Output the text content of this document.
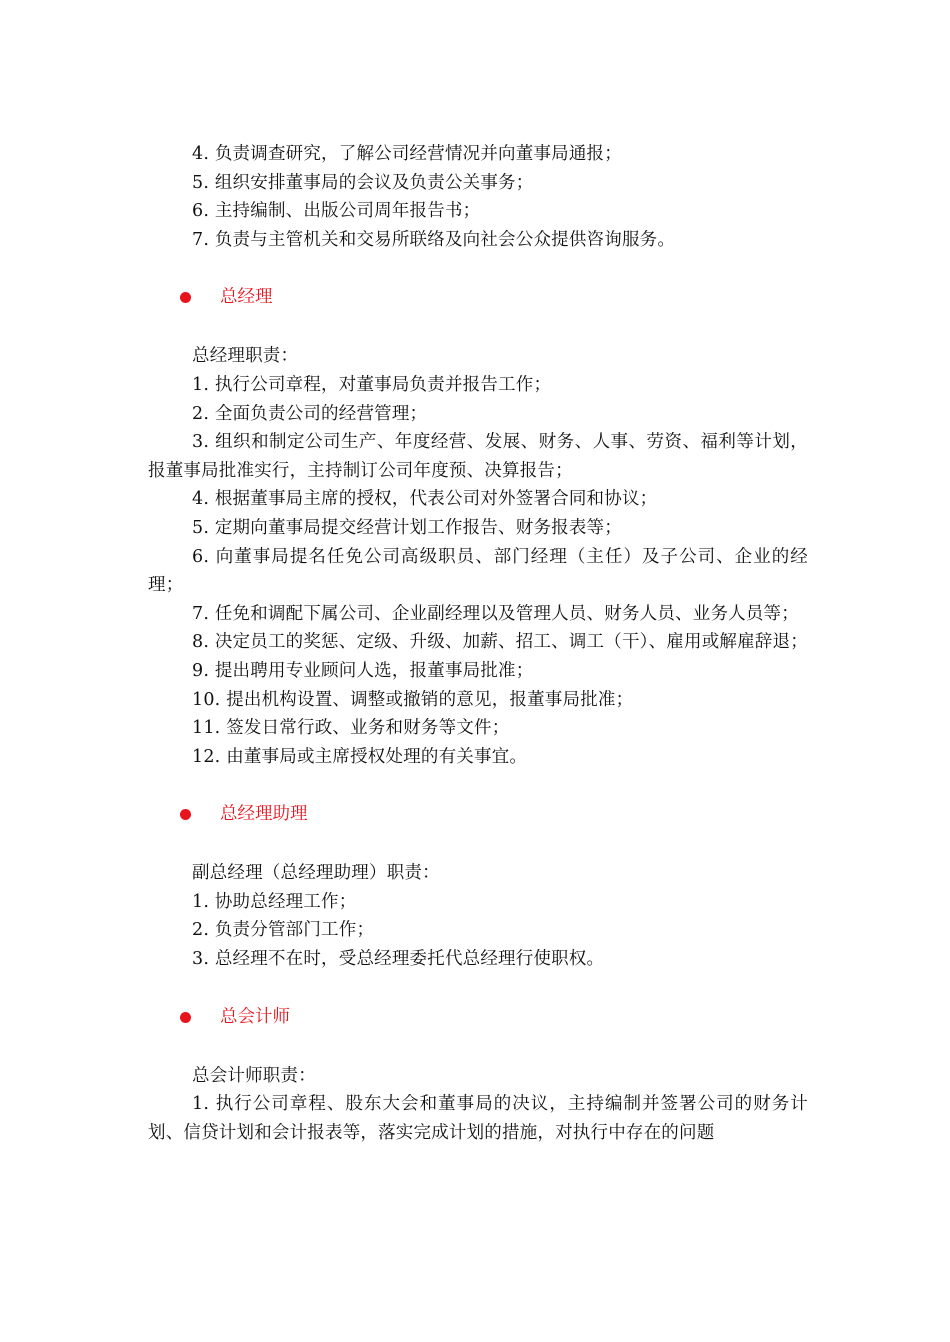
4. 负责调查研究，了解公司经营情况并向董事局通报；

5. 组织安排董事局的会议及负责公关事务；

6. 主持编制、出版公司周年报告书；

7. 负责与主管机关和交易所联络及向社会公众提供咨询服务。

总经理

总经理职责：

1. 执行公司章程，对董事局负责并报告工作；

2. 全面负责公司的经营管理；

3. 组织和制定公司生产、年度经营、发展、财务、人事、劳资、福利等计划，报董事局批准实行，主持制订公司年度预、决算报告；

4. 根据董事局主席的授权，代表公司对外签署合同和协议；

5. 定期向董事局提交经营计划工作报告、财务报表等；

6. 向董事局提名任免公司高级职员、部门经理（主任）及子公司、企业的经理；

7. 任免和调配下属公司、企业副经理以及管理人员、财务人员、业务人员等；

8. 决定员工的奖惩、定级、升级、加薪、招工、调工（干）、雇用或解雇辞退；

9. 提出聘用专业顾问人选，报董事局批准；

10. 提出机构设置、调整或撤销的意见，报董事局批准；

11. 签发日常行政、业务和财务等文件；

12. 由董事局或主席授权处理的有关事宜。

总经理助理

副总经理（总经理助理）职责：

1. 协助总经理工作；

2. 负责分管部门工作；

3. 总经理不在时，受总经理委托代总经理行使职权。

总会计师

总会计师职责：

1. 执行公司章程、股东大会和董事局的决议，主持编制并签署公司的财务计划、信贷计划和会计报表等，落实完成计划的措施，对执行中存在的问题
